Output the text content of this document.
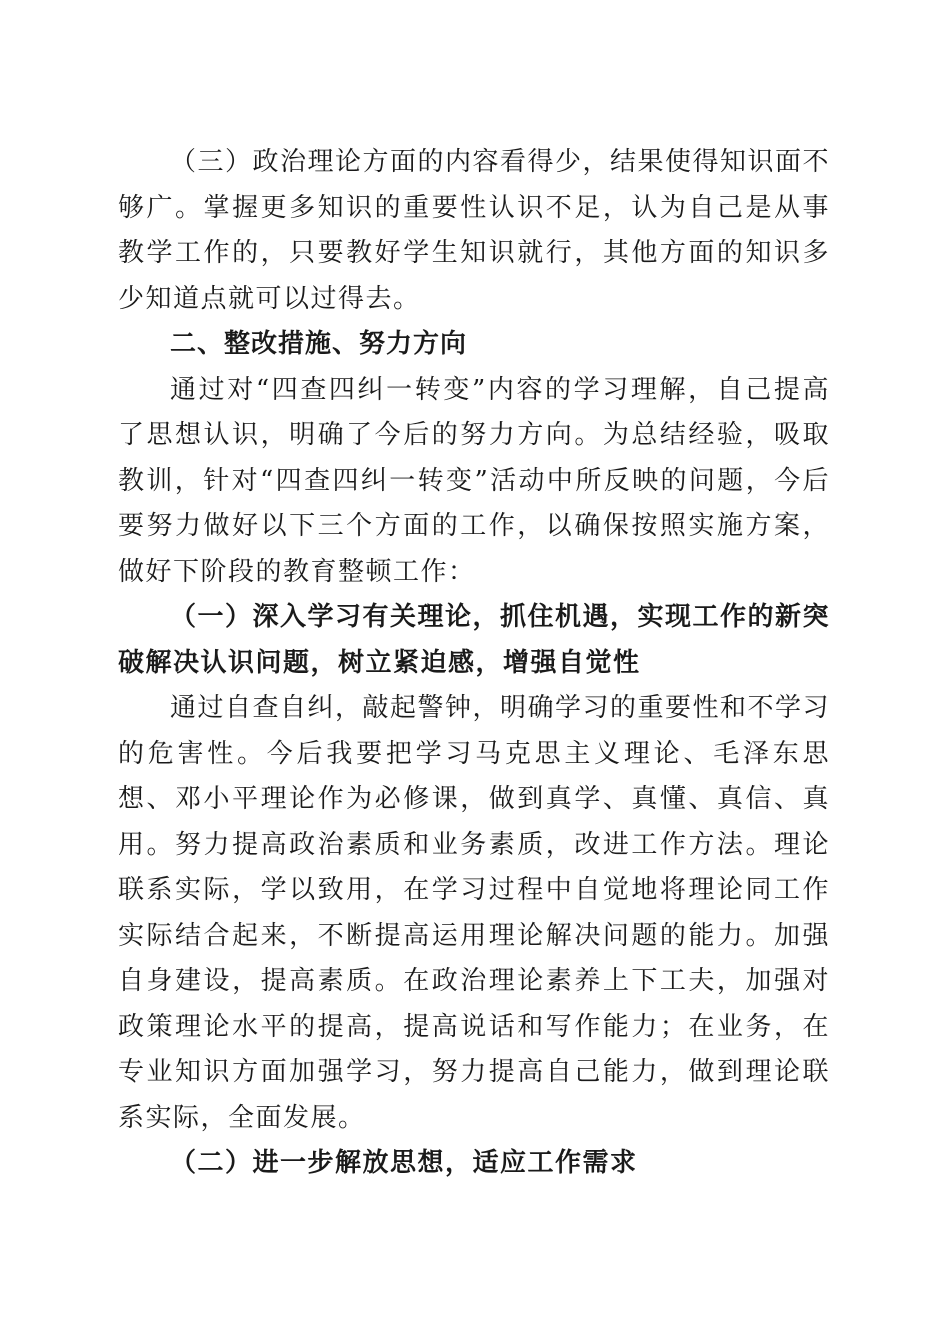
（三）政治理论方面的内容看得少，结果使得知识面不够广。掌握更多知识的重要性认识不足，认为自己是从事教学工作的，只要教好学生知识就行，其他方面的知识多少知道点就可以过得去。

二、整改措施、努力方向

通过对“四查四纠一转变”内容的学习理解，自己提高了思想认识，明确了今后的努力方向。为总结经验，吸取教训，针对“四查四纠一转变”活动中所反映的问题，今后要努力做好以下三个方面的工作，以确保按照实施方案，做好下阶段的教育整顿工作：

（一）深入学习有关理论，抓住机遇，实现工作的新突破解决认识问题，树立紧迫感，增强自觉性

通过自查自纠，敲起警钟，明确学习的重要性和不学习的危害性。今后我要把学习马克思主义理论、毛泽东思想、邓小平理论作为必修课，做到真学、真懂、真信、真用。努力提高政治素质和业务素质，改进工作方法。理论联系实际，学以致用，在学习过程中自觉地将理论同工作实际结合起来，不断提高运用理论解决问题的能力。加强自身建设，提高素质。在政治理论素养上下工夫，加强对政策理论水平的提高，提高说话和写作能力；在业务，在专业知识方面加强学习，努力提高自己能力，做到理论联系实际，全面发展。

（二）进一步解放思想，适应工作需求
